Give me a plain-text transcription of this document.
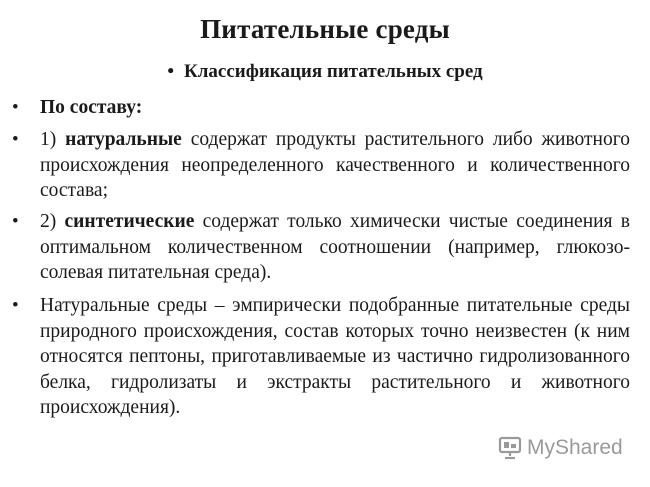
Питательные среды
• Классификация питательных сред
• По составу:
• 1) натуральные содержат продукты растительного либо животного происхождения неопределенного качественного и количественного состава;
• 2) синтетические содержат только химически чистые соединения в оптимальном количественном соотношении (например, глюкозо-солевая питательная среда).
• Натуральные среды – эмпирически подобранные питательные среды природного происхождения, состав которых точно неизвестен (к ним относятся пептоны, приготавливаемые из частично гидролизованного белка, гидролизаты и экстракты растительного и животного происхождения).
MyShared
